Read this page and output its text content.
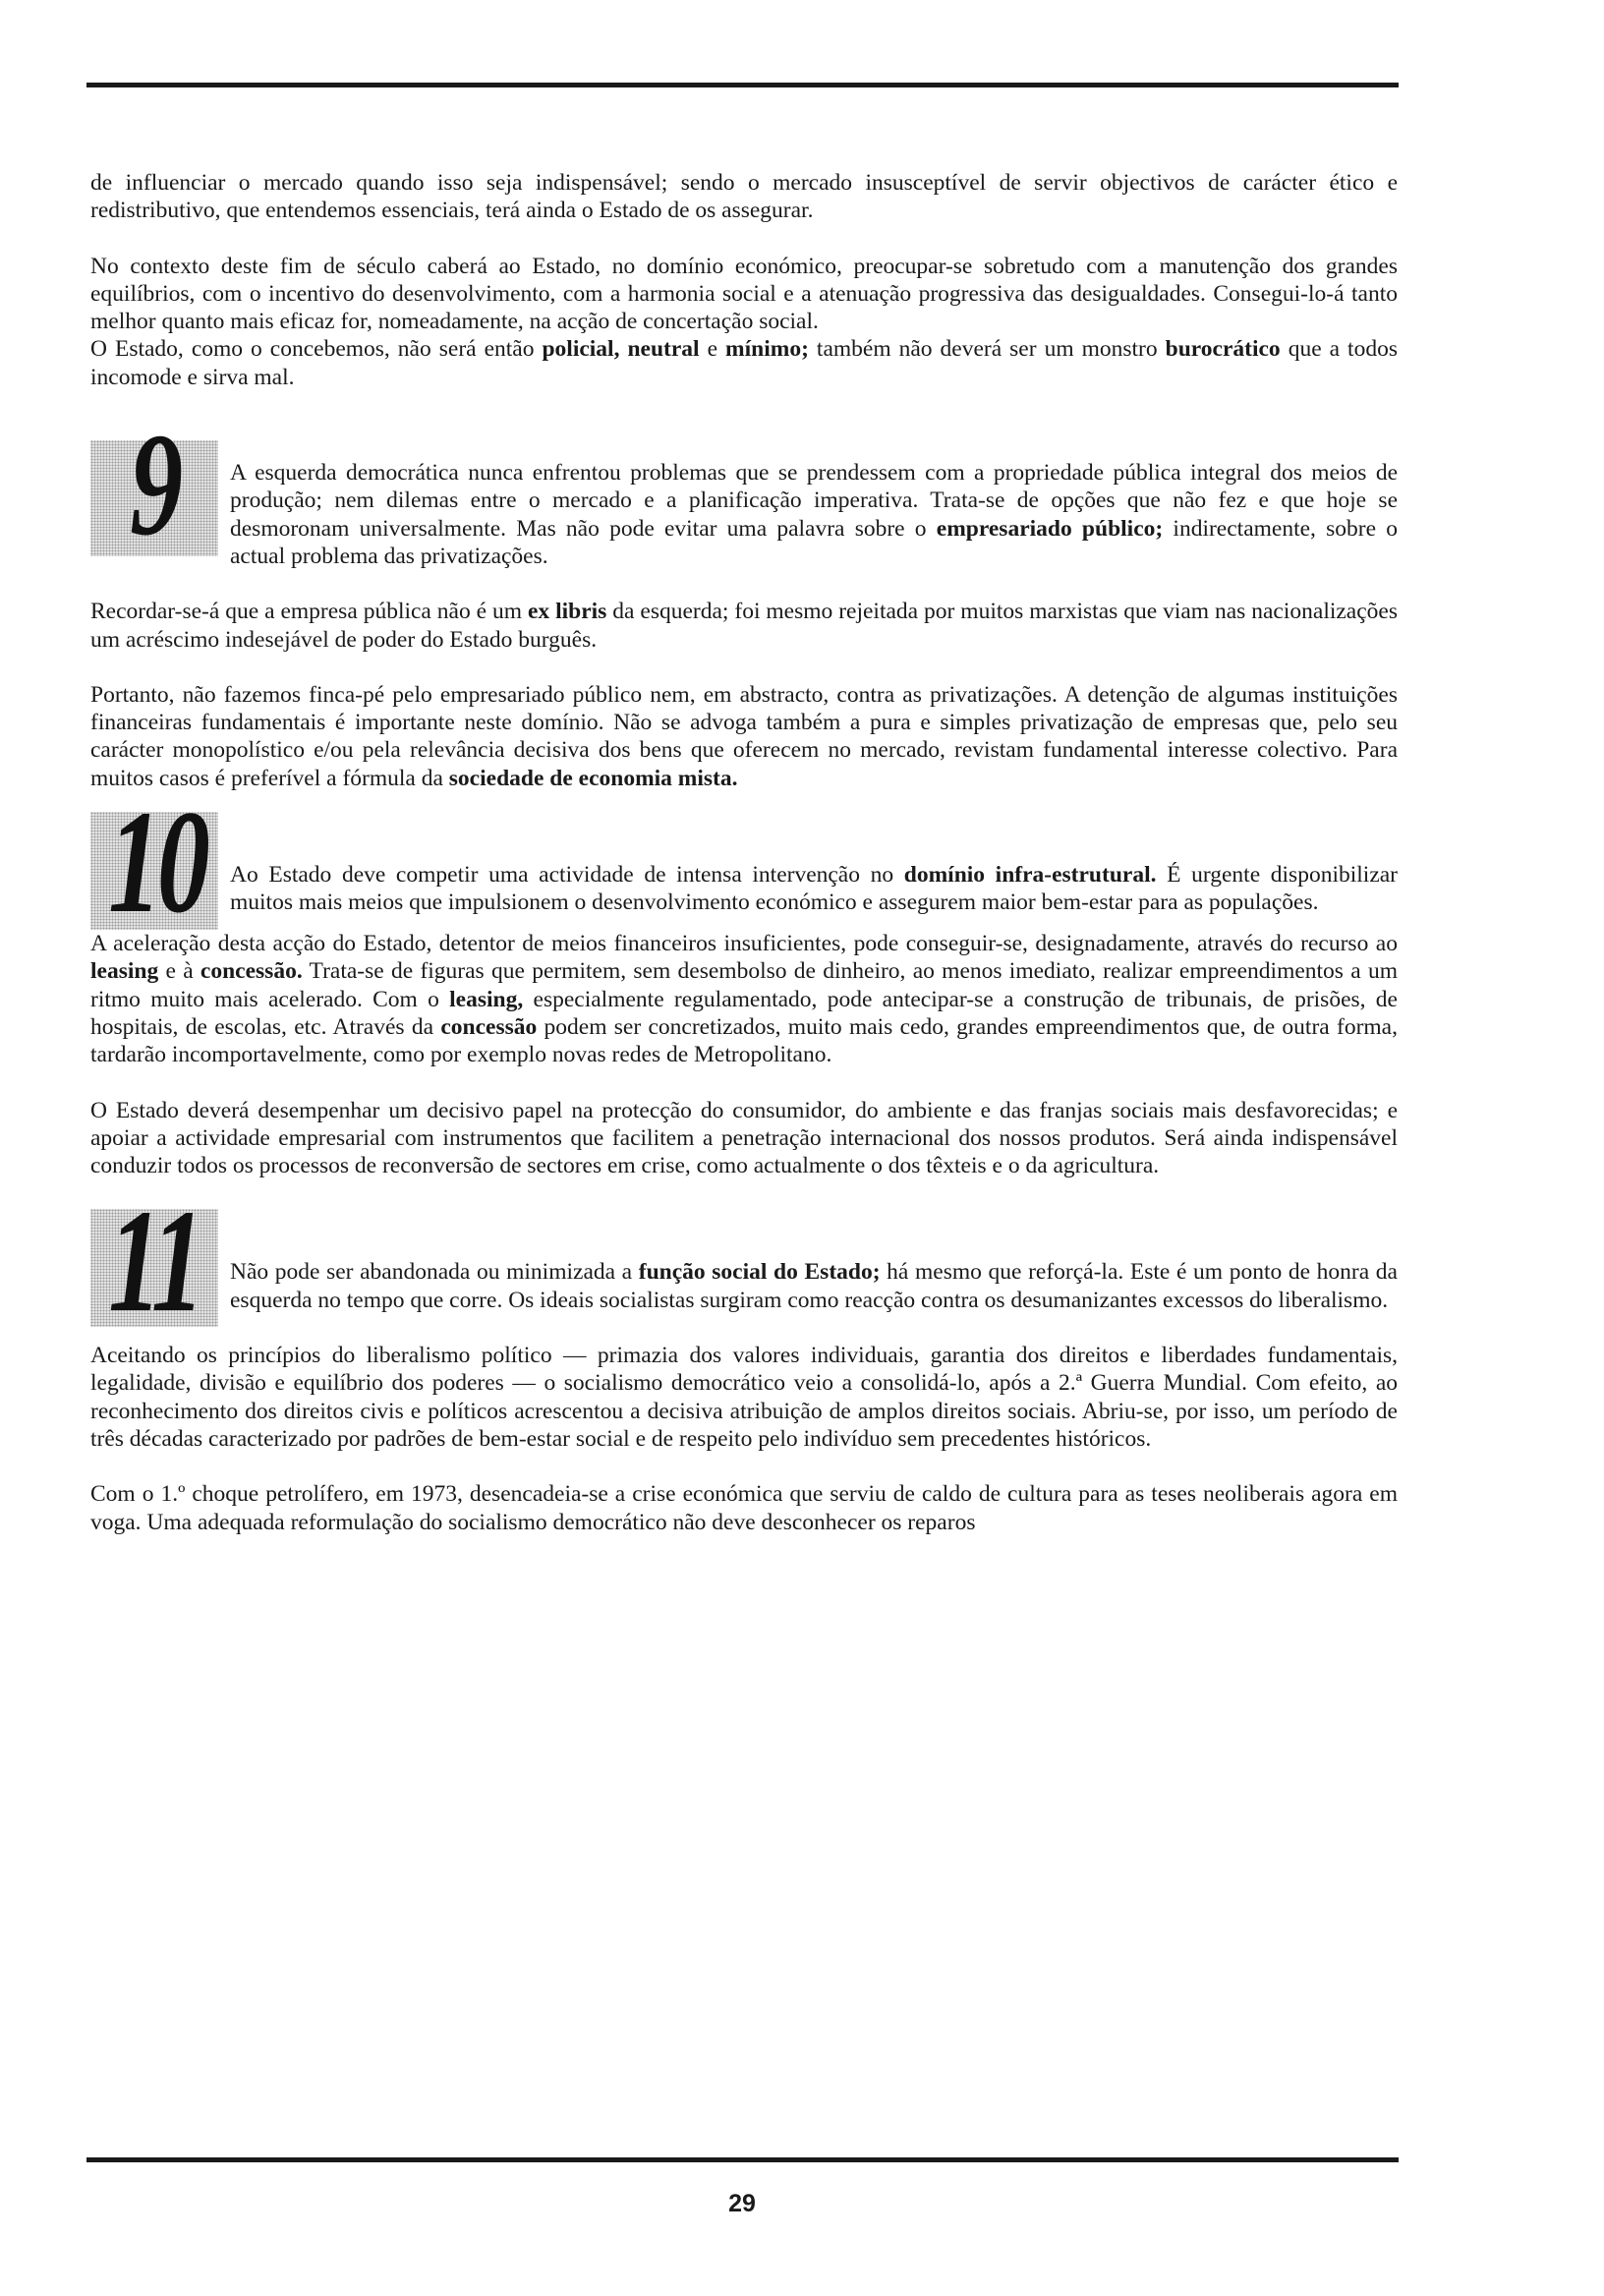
de influenciar o mercado quando isso seja indispensável; sendo o mercado insusceptível de servir objectivos de carácter ético e redistributivo, que entendemos essenciais, terá ainda o Estado de os assegurar.

No contexto deste fim de século caberá ao Estado, no domínio económico, preocupar-se sobretudo com a manutenção dos grandes equilíbrios, com o incentivo do desenvolvimento, com a harmonia social e a atenuação progressiva das desigualdades. Consegui-lo-á tanto melhor quanto mais eficaz for, nomeadamente, na acção de concertação social.
O Estado, como o concebemos, não será então policial, neutral e mínimo; também não deverá ser um monstro burocrático que a todos incomode e sirva mal.

9	A esquerda democrática nunca enfrentou problemas que se prendessem com a propriedade pública integral dos meios de produção; nem dilemas entre o mercado e a planificação imperativa. Trata-se de opções que não fez e que hoje se desmoronam universalmente. Mas não pode evitar uma palavra sobre o empresariado público; indirectamente, sobre o actual problema das privatizações.

Recordar-se-á que a empresa pública não é um ex libris da esquerda; foi mesmo rejeitada por muitos marxistas que viam nas nacionalizações um acréscimo indesejável de poder do Estado burguês.

Portanto, não fazemos finca-pé pelo empresariado público nem, em abstracto, contra as privatizações. A detenção de algumas instituições financeiras fundamentais é importante neste domínio. Não se advoga também a pura e simples privatização de empresas que, pelo seu carácter monopolístico e/ou pela relevância decisiva dos bens que oferecem no mercado, revistam fundamental interesse colectivo. Para muitos casos é preferível a fórmula da sociedade de economia mista.

10	Ao Estado deve competir uma actividade de intensa intervenção no domínio infra-estrutural. É urgente disponibilizar muitos mais meios que impulsionem o desenvolvimento económico e assegurem maior bem-estar para as populações.

A aceleração desta acção do Estado, detentor de meios financeiros insuficientes, pode conseguir-se, designadamente, através do recurso ao leasing e à concessão. Trata-se de figuras que permitem, sem desembolso de dinheiro, ao menos imediato, realizar empreendimentos a um ritmo muito mais acelerado. Com o leasing, especialmente regulamentado, pode antecipar-se a construção de tribunais, de prisões, de hospitais, de escolas, etc. Através da concessão podem ser concretizados, muito mais cedo, grandes empreendimentos que, de outra forma, tardarão incomportavelmente, como por exemplo novas redes de Metropolitano.

O Estado deverá desempenhar um decisivo papel na protecção do consumidor, do ambiente e das franjas sociais mais desfavorecidas; e apoiar a actividade empresarial com instrumentos que facilitem a penetração internacional dos nossos produtos. Será ainda indispensável conduzir todos os processos de reconversão de sectores em crise, como actualmente o dos têxteis e o da agricultura.

11	Não pode ser abandonada ou minimizada a função social do Estado; há mesmo que reforçá-la. Este é um ponto de honra da esquerda no tempo que corre. Os ideais socialistas surgiram como reacção contra os desumanizantes excessos do liberalismo.

Aceitando os princípios do liberalismo político — primazia dos valores individuais, garantia dos direitos e liberdades fundamentais, legalidade, divisão e equilíbrio dos poderes — o socialismo democrático veio a consolidá-lo, após a 2.ª Guerra Mundial. Com efeito, ao reconhecimento dos direitos civis e políticos acrescentou a decisiva atribuição de amplos direitos sociais. Abriu-se, por isso, um período de três décadas caracterizado por padrões de bem-estar social e de respeito pelo indivíduo sem precedentes históricos.

Com o 1.º choque petrolífero, em 1973, desencadeia-se a crise económica que serviu de caldo de cultura para as teses neoliberais agora em voga. Uma adequada reformulação do socialismo democrático não deve desconhecer os reparos

29
